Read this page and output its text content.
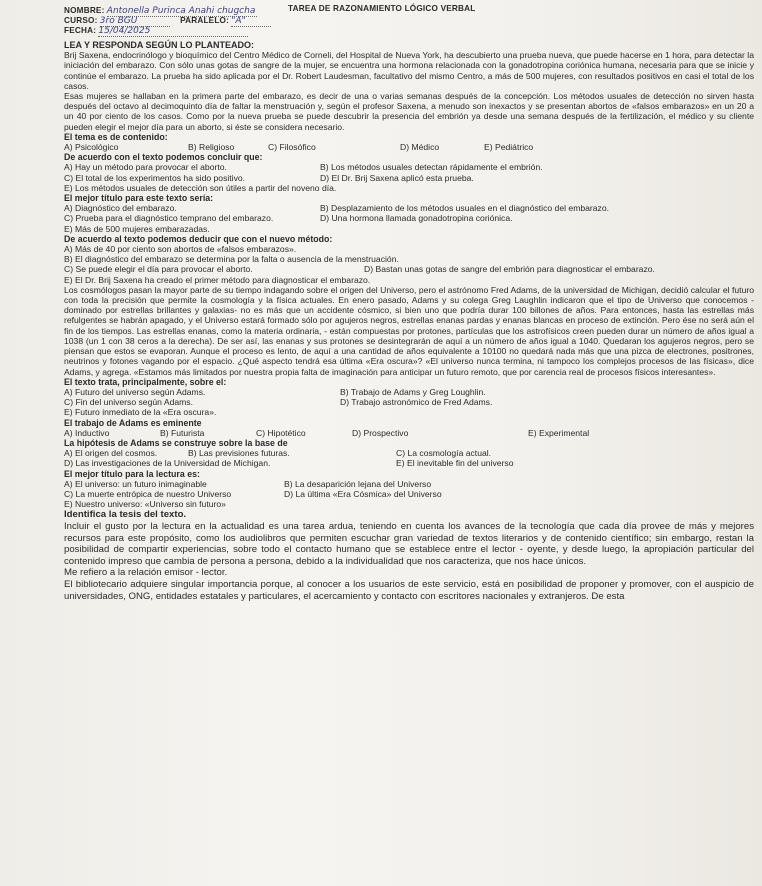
NOMBRE: Antonella Purinca Anahi chugcha	TAREA DE RAZONAMIENTO LÓGICO VERBAL
CURSO: 3ro BGU	PARALELO: "A"
FECHA: 15/04/2025

LEA Y RESPONDA SEGÚN LO PLANTEADO:

Brij Saxena, endocrinólogo y bioquímico del Centro Médico de Corneli, del Hospital de Nueva York, ha descubierto una prueba nueva, que puede hacerse en 1 hora, para detectar la iniciación del embarazo. Con sólo unas gotas de sangre de la mujer, se encuentra una hormona relacionada con la gonadotropina coriónica humana, necesaria para que se inicie y continúe el embarazo. La prueba ha sido aplicada por el Dr. Robert Laudesman, facultativo del mismo Centro, a más de 500 mujeres, con resultados positivos en casi el total de los casos.

Esas mujeres se hallaban en la primera parte del embarazo, es decir de una o varias semanas después de la concepción. Los métodos usuales de detección no sirven hasta después del octavo al decimoquinto día de faltar la menstruación y, según el profesor Saxena, a menudo son inexactos y se presentan abortos de «falsos embarazos» en un 20 a un 40 por ciento de los casos. Como por la nueva prueba se puede descubrir la presencia del embrión ya desde una semana después de la fertilización, el médico y su cliente pueden elegir el mejor día para un aborto, si éste se considera necesario.

El tema es de contenido:

A) Psicológico	B) Religioso	C) Filosófico	D) Médico	E) Pediátrico

De acuerdo con el texto podemos concluir que:

A) Hay un método para provocar el aborto.	B) Los métodos usuales detectan rápidamente el embrión.
C) El total de los experimentos ha sido positivo.	D) El Dr. Brij Saxena aplicó esta prueba.
E) Los métodos usuales de detección son útiles a partir del noveno día.

El mejor título para este texto sería:

A) Diagnóstico del embarazo.	B) Desplazamiento de los métodos usuales en el diagnóstico del embarazo.
C) Prueba para el diagnóstico temprano del embarazo.	D) Una hormona llamada gonadotropina coriónica.
E) Más de 500 mujeres embarazadas.

De acuerdo al texto podemos deducir que con el nuevo método:

A) Más de 40 por ciento son abortos de «falsos embarazos».
B) El diagnóstico del embarazo se determina por la falta o ausencia de la menstruación.
C) Se puede elegir el día para provocar el aborto.	D) Bastan unas gotas de sangre del embrión para diagnosticar el embarazo.
E) El Dr. Brij Saxena ha creado el primer método para diagnosticar el embarazo.

Los cosmólogos pasan la mayor parte de su tiempo indagando sobre el origen del Universo, pero el astrónomo Fred Adams, de la universidad de Michigan, decidió calcular el futuro con toda la precisión que permite la cosmología y la física actuales. En enero pasado, Adams y su colega Greg Laughlin indicaron que el tipo de Universo que conocemos - dominado por estrellas brillantes y galaxias- no es más que un accidente cósmico, si bien uno que podría durar 100 billones de años. Para entonces, hasta las estrellas más refulgentes se habrán apagado, y el Universo estará formado sólo por agujeros negros, estrellas enanas pardas y enanas blancas en proceso de extinción. Pero ése no será aún el fin de los tiempos. Las estrellas enanas, como la materia ordinaria, - están compuestas por protones, partículas que los astrofísicos creen pueden durar un número de años igual a 1038 (un 1 con 38 ceros a la derecha). De ser así, las enanas y sus protones se desintegrarán de aquí a un número de años igual a 1040. Quedaran los agujeros negros, pero se piensan que estos se evaporan. Aunque el proceso es lento, de aquí a una cantidad de años equivalente a 10100 no quedará nada más que una pizca de electrones, positrones, neutrinos y fotones vagando por el espacio. ¿Qué aspecto tendrá esa última «Era oscura»? «El universo nunca termina, ni tampoco los complejos procesos de las físicas», dice Adams, y agrega. «Estamos más limitados por nuestra propia falta de imaginación para anticipar un futuro remoto, que por carencia real de procesos físicos interesantes».

El texto trata, principalmente, sobre el:

A) Futuro del universo según Adams.	B) Trabajo de Adams y Greg Loughlin.
C) Fin del universo según Adams.	D) Trabajo astronómico de Fred Adams.
E) Futuro inmediato de la «Era oscura».

El trabajo de Adams es eminente

A) Inductivo	B) Futurista	C) Hipotético	D) Prospectivo	E) Experimental

La hipótesis de Adams se construye sobre la base de

A) El origen del cosmos.	B) Las previsiones futuras.	C) La cosmología actual.
D) Las investigaciones de la Universidad de Michigan.	E) El inevitable fin del universo

El mejor título para la lectura es:

A) El universo: un futuro inimaginable	B) La desaparición lejana del Universo
C) La muerte entrópica de nuestro Universo	D) La última «Era Cósmica» del Universo
E) Nuestro universo: «Universo sin futuro»

Identifica la tesis del texto.

Incluir el gusto por la lectura en la actualidad es una tarea ardua, teniendo en cuenta los avances de la tecnología que cada día provee de más y mejores recursos para este propósito, como los audiolibros que permiten escuchar gran variedad de textos literarios y de contenido científico; sin embargo, restan la posibilidad de compartir experiencias, sobre todo el contacto humano que se establece entre el lector - oyente, y desde luego, la apropiación particular del contenido impreso que cambia de persona a persona, debido a la individualidad que nos caracteriza, que nos hace únicos.

Me refiero a la relación emisor - lector.

El bibliotecario adquiere singular importancia porque, al conocer a los usuarios de este servicio, está en posibilidad de proponer y promover, con el auspicio de universidades, ONG, entidades estatales y particulares, el acercamiento y contacto con escritores nacionales y extranjeros. De esta
